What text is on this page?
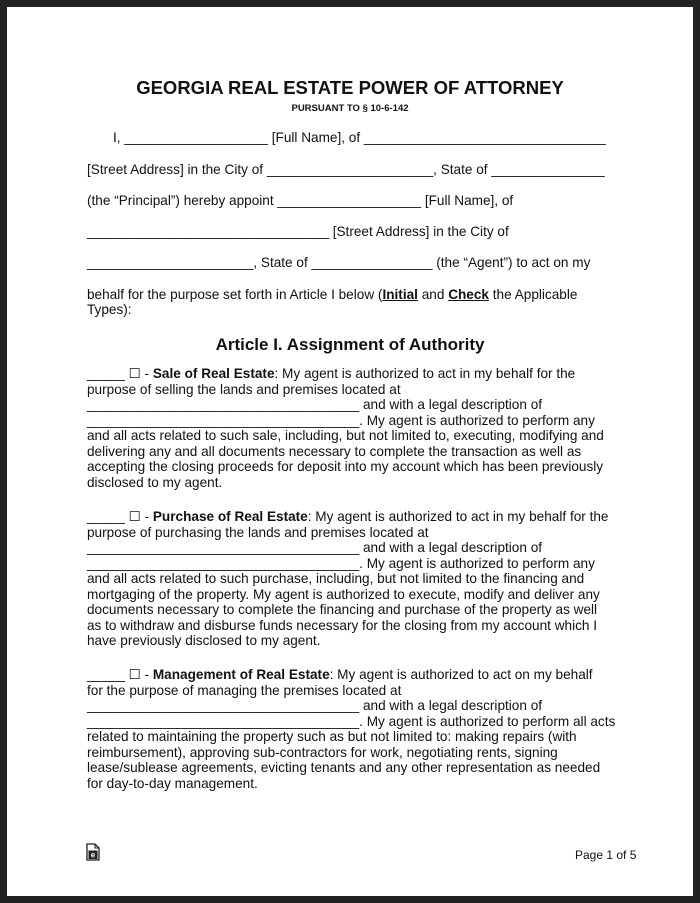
GEORGIA REAL ESTATE POWER OF ATTORNEY
PURSUANT TO § 10-6-142
I, ___________________ [Full Name], of ________________________________
[Street Address] in the City of ______________________, State of _______________
(the “Principal”) hereby appoint ___________________ [Full Name], of
________________________________ [Street Address] in the City of
______________________, State of ________________ (the “Agent”) to act on my
behalf for the purpose set forth in Article I below (Initial and Check the Applicable
Types):
Article I. Assignment of Authority
_____ ☐ - Sale of Real Estate: My agent is authorized to act in my behalf for the
purpose of selling the lands and premises located at
____________________________________ and with a legal description of
____________________________________. My agent is authorized to perform any
and all acts related to such sale, including, but not limited to, executing, modifying and
delivering any and all documents necessary to complete the transaction as well as
accepting the closing proceeds for deposit into my account which has been previously
disclosed to my agent.
_____ ☐ - Purchase of Real Estate: My agent is authorized to act in my behalf for the
purpose of purchasing the lands and premises located at
____________________________________ and with a legal description of
____________________________________. My agent is authorized to perform any
and all acts related to such purchase, including, but not limited to the financing and
mortgaging of the property. My agent is authorized to execute, modify and deliver any
documents necessary to complete the financing and purchase of the property as well
as to withdraw and disburse funds necessary for the closing from my account which I
have previously disclosed to my agent.
_____ ☐ - Management of Real Estate: My agent is authorized to act on my behalf
for the purpose of managing the premises located at
____________________________________ and with a legal description of
____________________________________. My agent is authorized to perform all acts
related to maintaining the property such as but not limited to: making repairs (with
reimbursement), approving sub-contractors for work, negotiating rents, signing
lease/sublease agreements, evicting tenants and any other representation as needed
for day-to-day management.
e	Page 1 of 5
